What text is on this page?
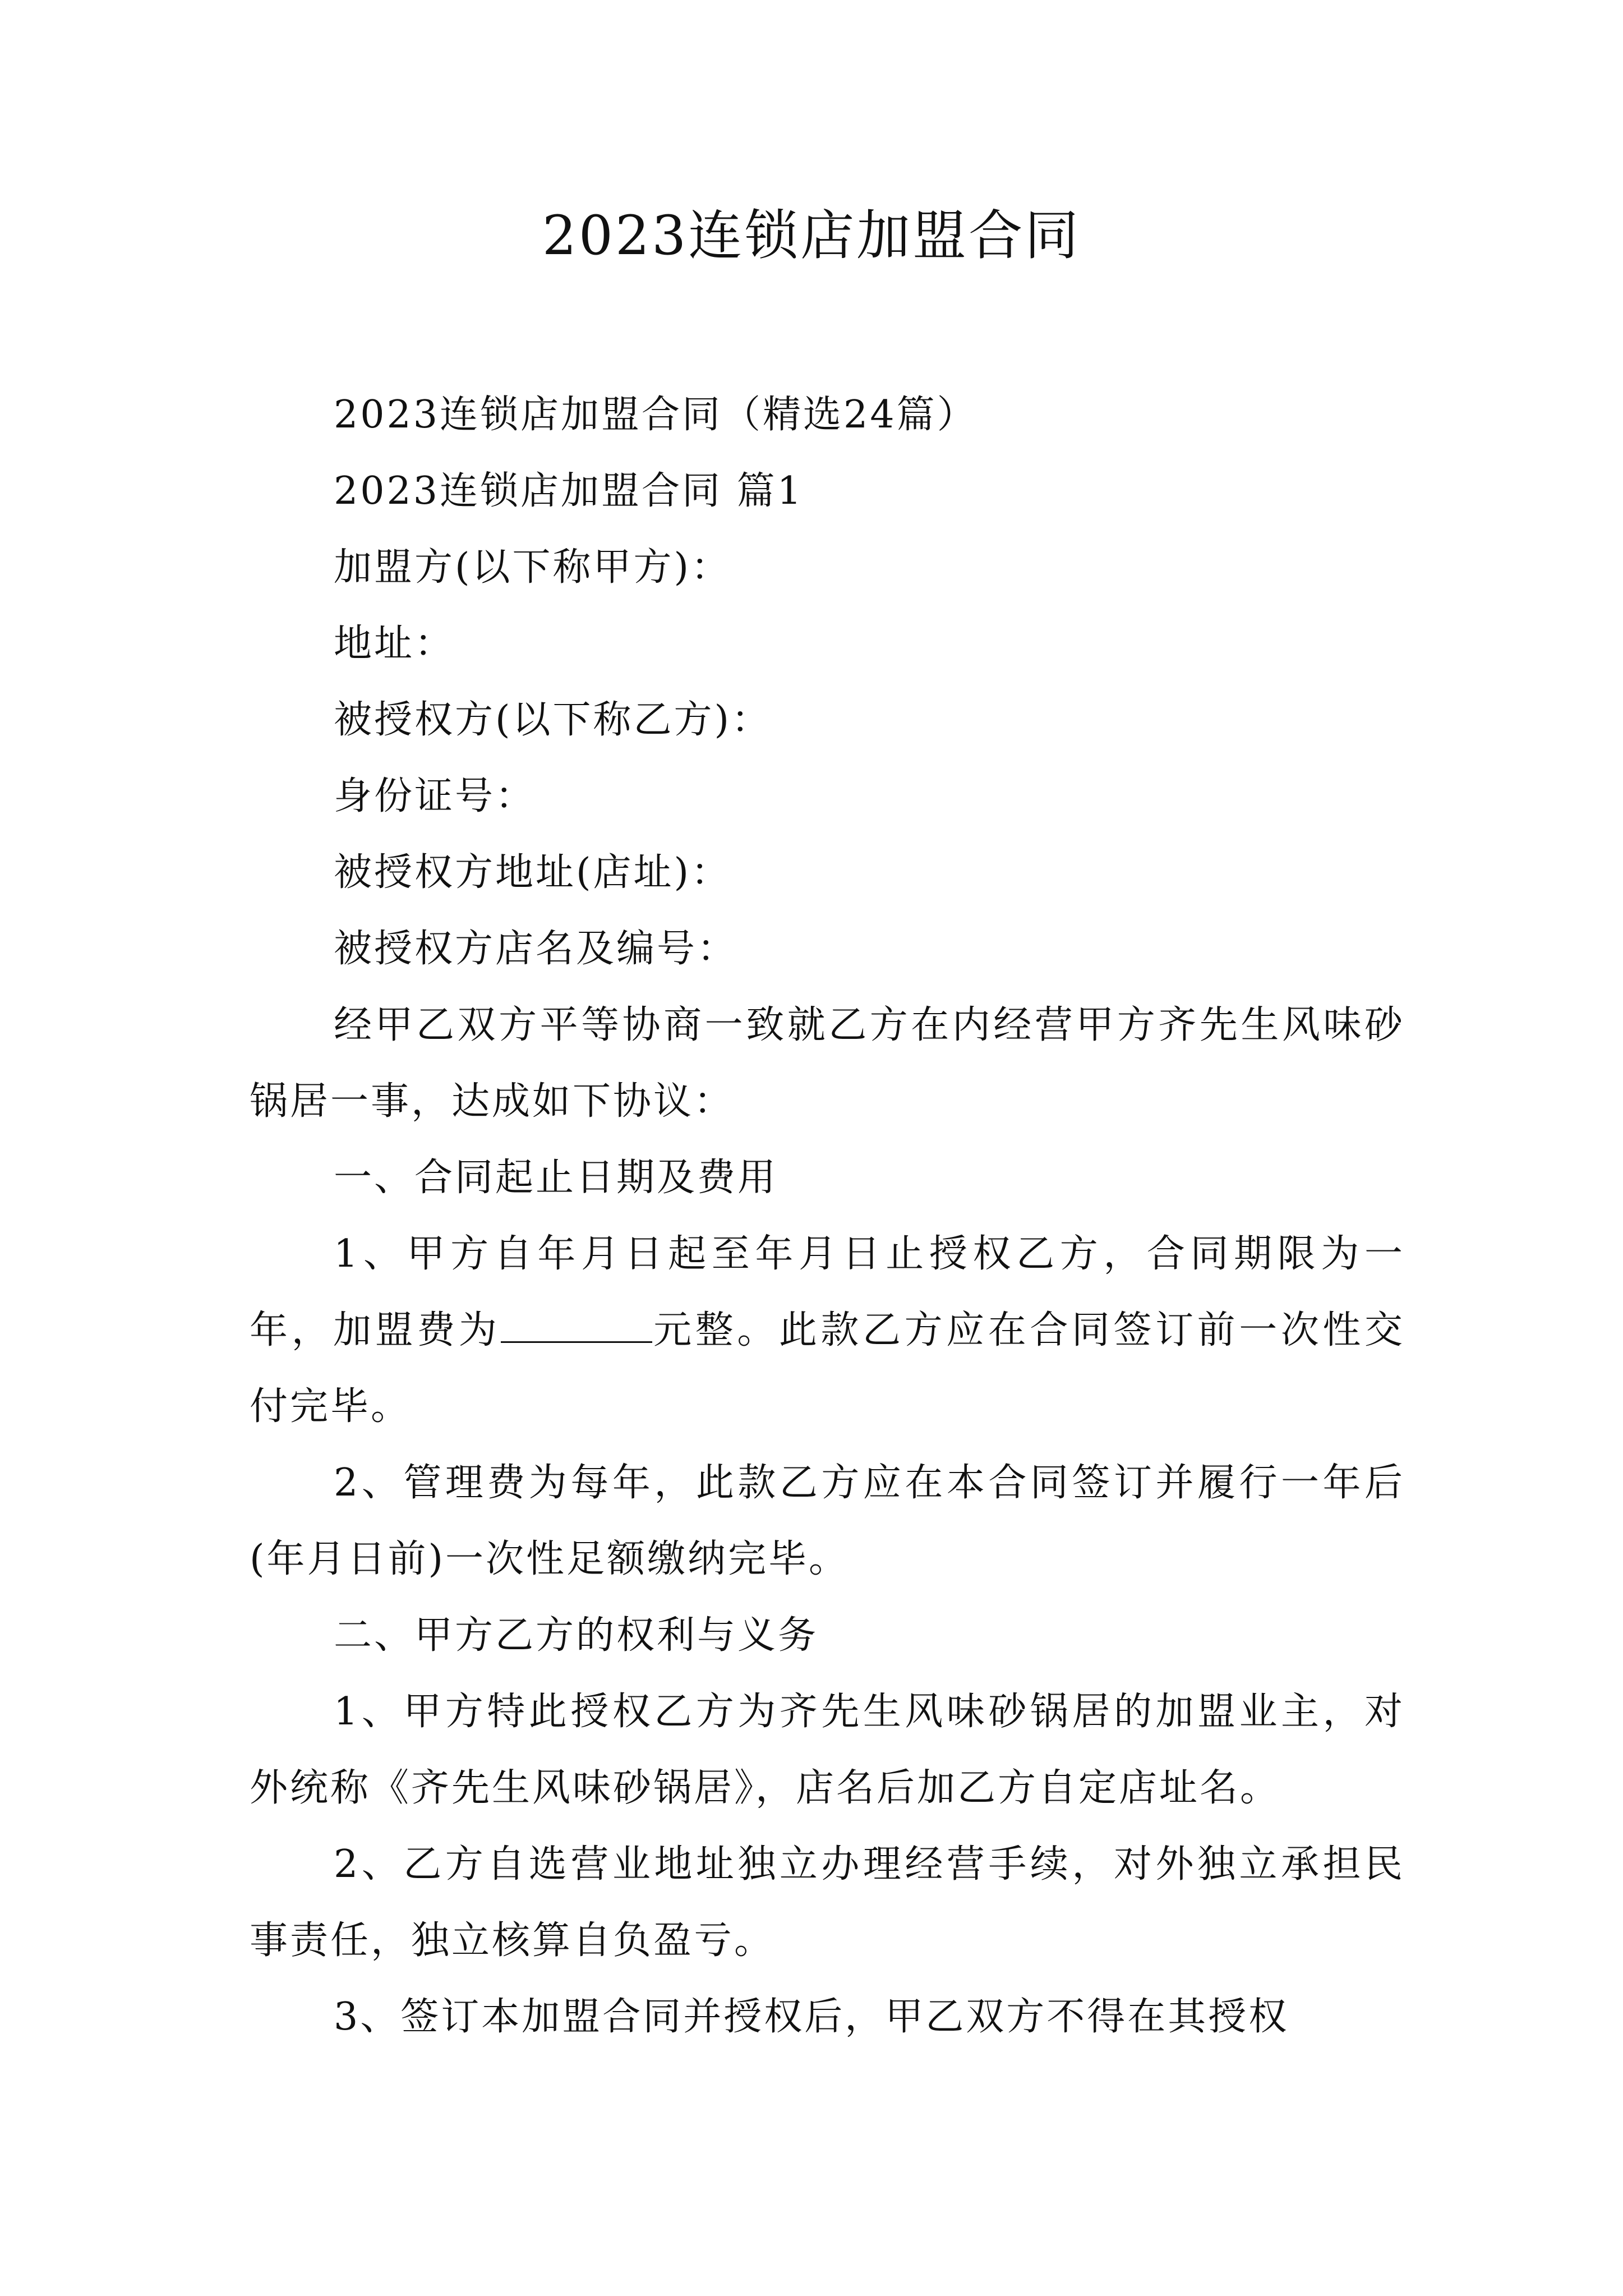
2023连锁店加盟合同

2023连锁店加盟合同（精选24篇）

2023连锁店加盟合同 篇1

加盟方(以下称甲方)：

地址：

被授权方(以下称乙方)：

身份证号：

被授权方地址(店址)：

被授权方店名及编号：

经甲乙双方平等协商一致就乙方在内经营甲方齐先生风味砂锅居一事，达成如下协议：

一、合同起止日期及费用

1、甲方自年月日起至年月日止授权乙方，合同期限为一年，加盟费为	元整。此款乙方应在合同签订前一次性交付完毕。

2、管理费为每年，此款乙方应在本合同签订并履行一年后(年月日前)一次性足额缴纳完毕。

二、甲方乙方的权利与义务

1、甲方特此授权乙方为齐先生风味砂锅居的加盟业主，对外统称《齐先生风味砂锅居》，店名后加乙方自定店址名。

2、乙方自选营业地址独立办理经营手续，对外独立承担民事责任，独立核算自负盈亏。

3、签订本加盟合同并授权后，甲乙双方不得在其授权
